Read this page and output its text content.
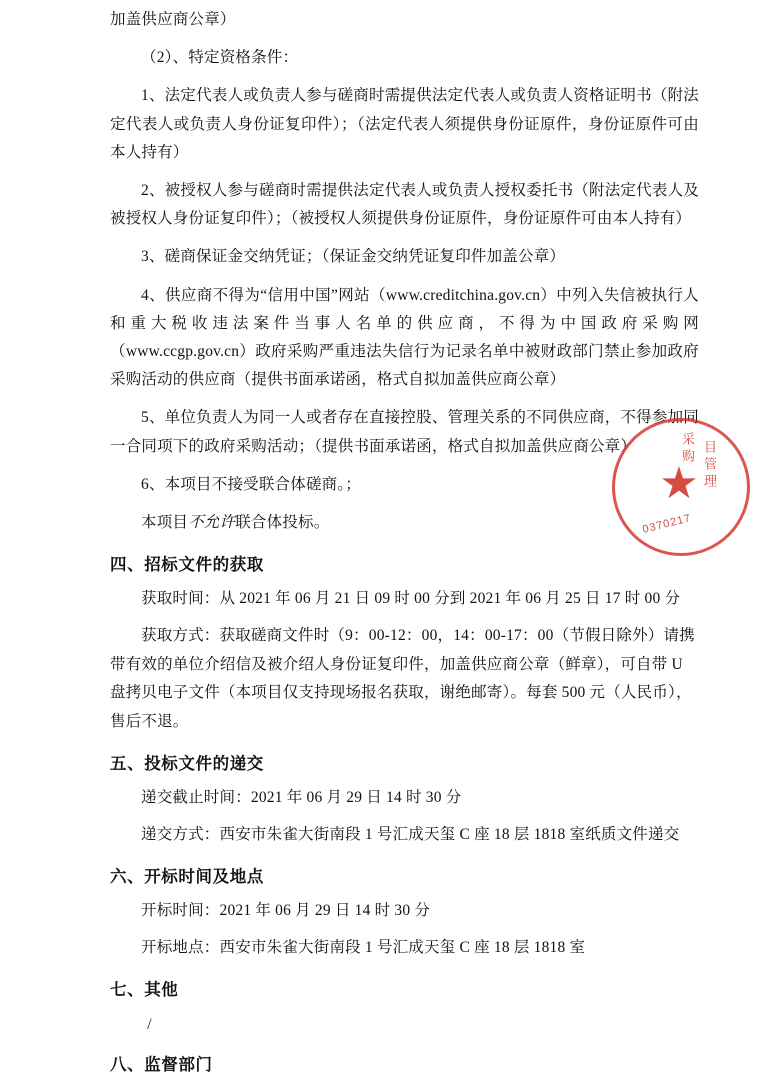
加盖供应商公章）

（2）、特定资格条件：

1、法定代表人或负责人参与磋商时需提供法定代表人或负责人资格证明书（附法定代表人或负责人身份证复印件）；（法定代表人须提供身份证原件，身份证原件可由本人持有）

2、被授权人参与磋商时需提供法定代表人或负责人授权委托书（附法定代表人及被授权人身份证复印件）；（被授权人须提供身份证原件，身份证原件可由本人持有）

3、磋商保证金交纳凭证；（保证金交纳凭证复印件加盖公章）

4、供应商不得为“信用中国”网站（www.creditchina.gov.cn）中列入失信被执行人和重大税收违法案件当事人名单的供应商，不得为中国政府采购网（www.ccgp.gov.cn）政府采购严重违法失信行为记录名单中被财政部门禁止参加政府采购活动的供应商（提供书面承诺函，格式自拟加盖供应商公章）

5、单位负责人为同一人或者存在直接控股、管理关系的不同供应商，不得参加同一合同项下的政府采购活动；（提供书面承诺函，格式自拟加盖供应商公章）

6、本项目不接受联合体磋商。；

本项目不允许联合体投标。

四、招标文件的获取

获取时间：从 2021 年 06 月 21 日 09 时 00 分到 2021 年 06 月 25 日 17 时 00 分

获取方式：获取磋商文件时（9：00-12：00，14：00-17：00（节假日除外）请携带有效的单位介绍信及被介绍人身份证复印件，加盖供应商公章（鲜章），可自带 U 盘拷贝电子文件（本项目仅支持现场报名获取，谢绝邮寄）。每套 500 元（人民币），售后不退。

五、投标文件的递交

递交截止时间：2021 年 06 月 29 日 14 时 30 分

递交方式：西安市朱雀大街南段 1 号汇成天玺 C 座 18 层 1818 室纸质文件递交

六、开标时间及地点

开标时间：2021 年 06 月 29 日 14 时 30 分

开标地点：西安市朱雀大街南段 1 号汇成天玺 C 座 18 层 1818 室

七、其他

/

八、监督部门
★ 目管理
采购
0370217
